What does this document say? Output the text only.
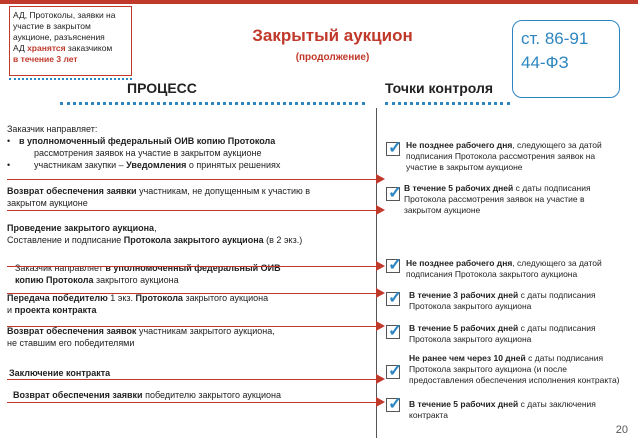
АД, Протоколы, заявки на участие в закрытом аукционе, разъяснения
АД хранятся заказчиком
в течение 3 лет
Закрытый аукцион
(продолжение)
ст. 86-91
44-ФЗ
ПРОЦЕСС	Точки контроля
Заказчик направляет:
• в уполномоченный федеральный ОИВ копию Протокола
рассмотрения заявок на участие в закрытом аукционе
•	участникам закупки – Уведомления о принятых решениях
Возврат обеспечения заявки участникам, не допущенным к участию в
закрытом аукционе
Проведение закрытого аукциона,
Составление и подписание Протокола закрытого аукциона (в 2 экз.)
Заказчик направляет в уполномоченный федеральный ОИВ
копию Протокола закрытого аукциона
Передача победителю 1 экз. Протокола закрытого аукциона
и проекта контракта
Возврат обеспечения заявок участникам закрытого аукциона,
не ставшим его победителями
Заключение контракта
Возврат обеспечения заявки победителю закрытого аукциона
✓ Не позднее рабочего дня, следующего за датой подписания Протокола рассмотрения заявок на участие в закрытом аукционе
✓ В течение 5 рабочих дней с даты подписания Протокола рассмотрения заявок на участие в закрытом аукционе
✓ Не позднее рабочего дня, следующего за датой подписания Протокола закрытого аукциона
✓ В течение 3 рабочих дней с даты подписания Протокола закрытого аукциона
✓ В течение 5 рабочих дней с даты подписания Протокола закрытого аукциона
✓
Не ранее чем через 10 дней с даты подписания Протокола закрытого аукциона (и после предоставления обеспечения исполнения контракта)
✓ В течение 5 рабочих дней с даты заключения контракта
20
